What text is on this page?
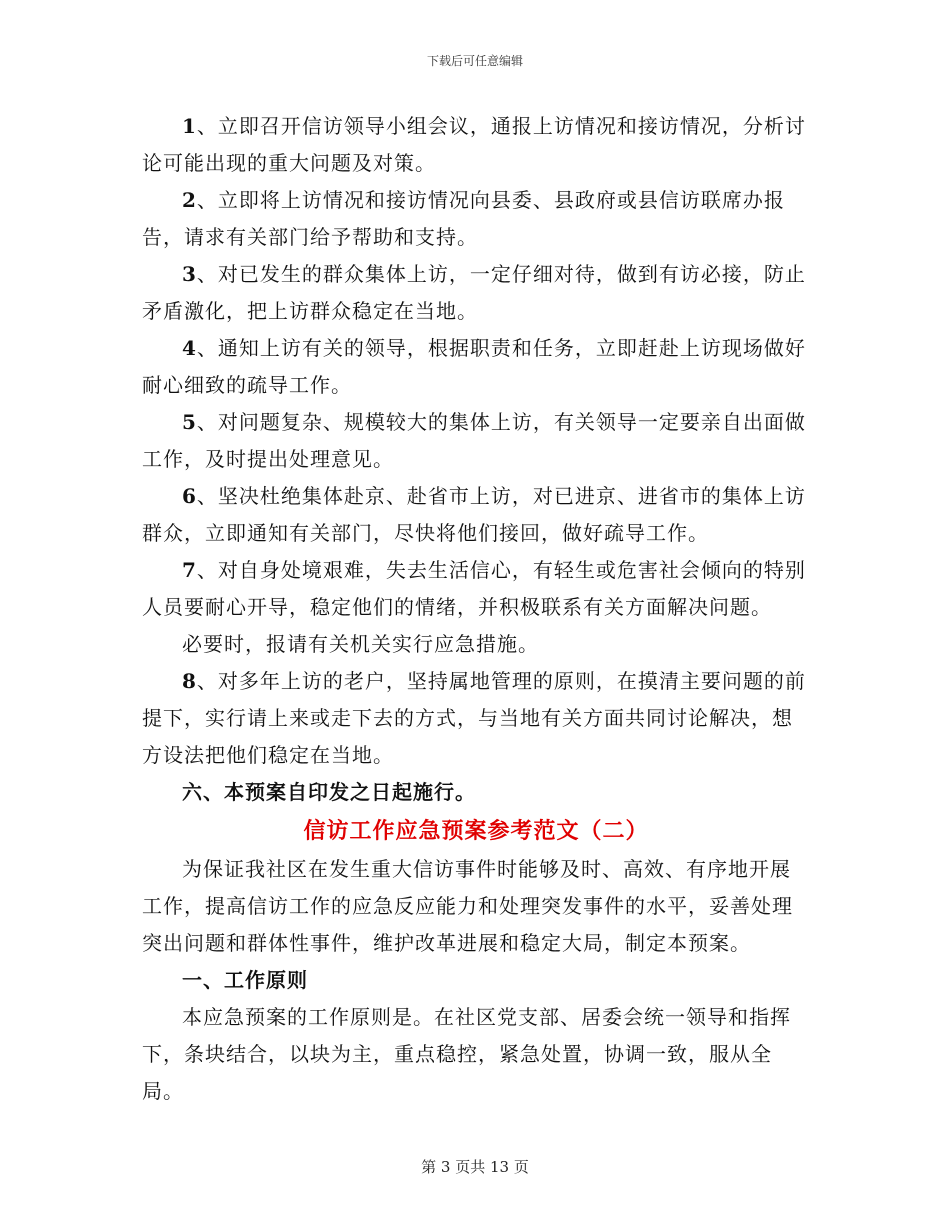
下载后可任意编辑

1、立即召开信访领导小组会议，通报上访情况和接访情况，分析讨论可能出现的重大问题及对策。

2、立即将上访情况和接访情况向县委、县政府或县信访联席办报告，请求有关部门给予帮助和支持。

3、对已发生的群众集体上访，一定仔细对待，做到有访必接，防止矛盾激化，把上访群众稳定在当地。

4、通知上访有关的领导，根据职责和任务，立即赶赴上访现场做好耐心细致的疏导工作。

5、对问题复杂、规模较大的集体上访，有关领导一定要亲自出面做工作，及时提出处理意见。

6、坚决杜绝集体赴京、赴省市上访，对已进京、进省市的集体上访群众，立即通知有关部门，尽快将他们接回，做好疏导工作。

7、对自身处境艰难，失去生活信心，有轻生或危害社会倾向的特别人员要耐心开导，稳定他们的情绪，并积极联系有关方面解决问题。

必要时，报请有关机关实行应急措施。

8、对多年上访的老户，坚持属地管理的原则，在摸清主要问题的前提下，实行请上来或走下去的方式，与当地有关方面共同讨论解决，想方设法把他们稳定在当地。

六、本预案自印发之日起施行。

信访工作应急预案参考范文（二）

为保证我社区在发生重大信访事件时能够及时、高效、有序地开展工作，提高信访工作的应急反应能力和处理突发事件的水平，妥善处理突出问题和群体性事件，维护改革进展和稳定大局，制定本预案。

一、工作原则

本应急预案的工作原则是。在社区党支部、居委会统一领导和指挥下，条块结合，以块为主，重点稳控，紧急处置，协调一致，服从全局。

第 3 页共 13 页
